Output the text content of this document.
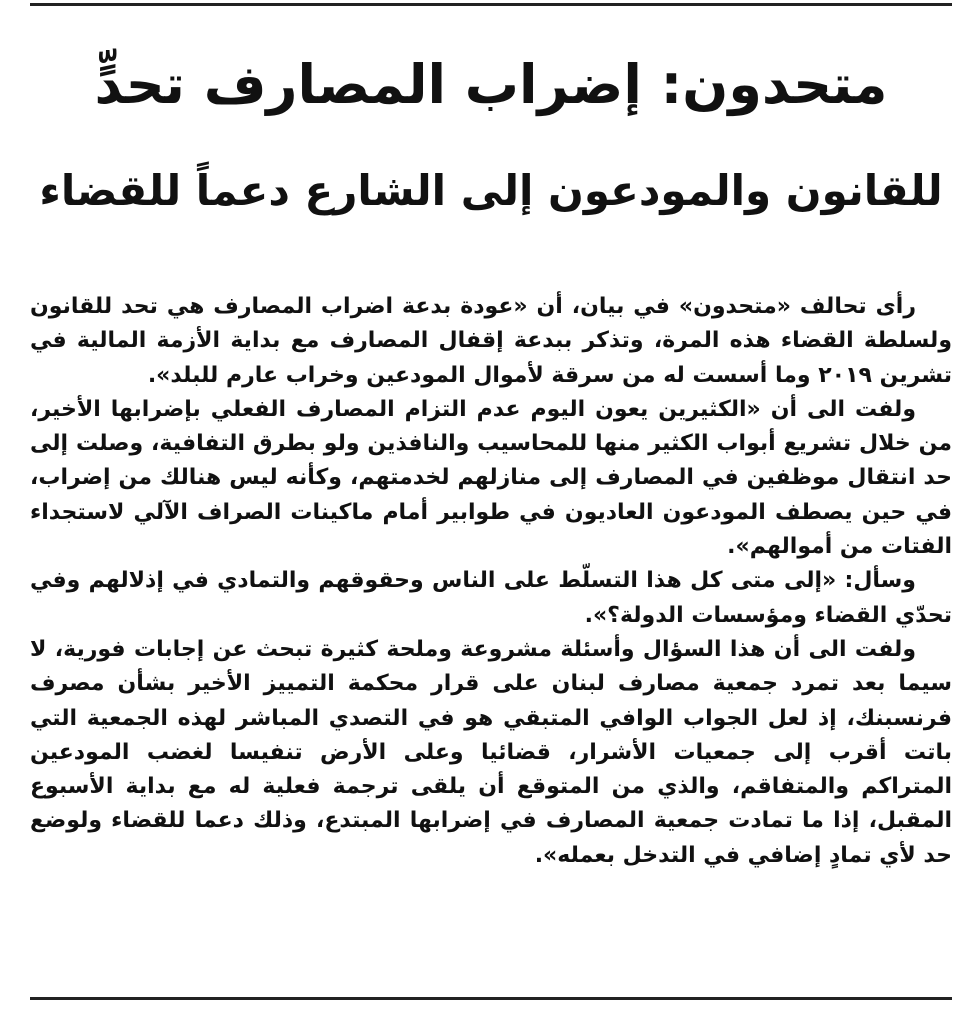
متحدون: إضراب المصارف تحدٍّ
للقانون والمودعون إلى الشارع دعماً للقضاء

رأى تحالف «متحدون» في بيان، أن «عودة بدعة اضراب المصارف هي تحد للقانون ولسلطة القضاء هذه المرة، وتذكر ببدعة إقفال المصارف مع بداية الأزمة المالية في تشرين ٢٠١٩ وما أسست له من سرقة لأموال المودعين وخراب عارم للبلد».

ولفت الى أن «الكثيرين يعون اليوم عدم التزام المصارف الفعلي بإضرابها الأخير، من خلال تشريع أبواب الكثير منها للمحاسيب والنافذين ولو بطرق التفافية، وصلت إلى حد انتقال موظفين في المصارف إلى منازلهم لخدمتهم، وكأنه ليس هنالك من إضراب، في حين يصطف المودعون العاديون في طوابير أمام ماكينات الصراف الآلي لاستجداء الفتات من أموالهم».

وسأل: «إلى متى كل هذا التسلّط على الناس وحقوقهم والتمادي في إذلالهم وفي تحدّي القضاء ومؤسسات الدولة؟».

ولفت الى أن هذا السؤال وأسئلة مشروعة وملحة كثيرة تبحث عن إجابات فورية، لا سيما بعد تمرد جمعية مصارف لبنان على قرار محكمة التمييز الأخير بشأن مصرف فرنسبنك، إذ لعل الجواب الوافي المتبقي هو في التصدي المباشر لهذه الجمعية التي باتت أقرب إلى جمعيات الأشرار، قضائيا وعلى الأرض تنفيسا لغضب المودعين المتراكم والمتفاقم، والذي من المتوقع أن يلقى ترجمة فعلية له مع بداية الأسبوع المقبل، إذا ما تمادت جمعية المصارف في إضرابها المبتدع، وذلك دعما للقضاء ولوضع حد لأي تمادٍ إضافي في التدخل بعمله».
